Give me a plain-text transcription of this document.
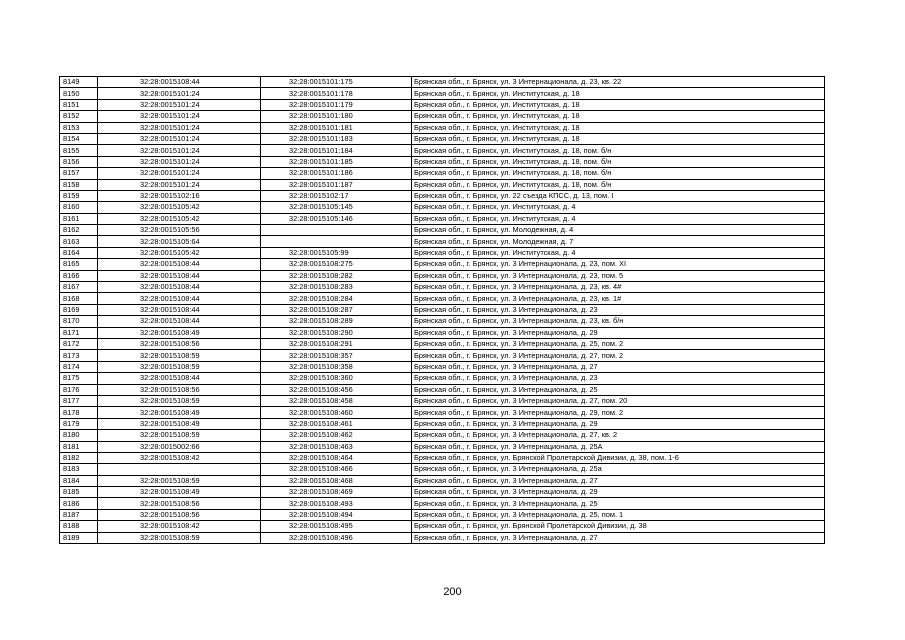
8149	32:28:0015108:44	32:28:0015101:175	Брянская обл., г. Брянск, ул. 3 Интернационала, д. 23, кв. 22
8150	32:28:0015101:24	32:28:0015101:178	Брянская обл., г. Брянск, ул. Институтская, д. 18
8151	32:28:0015101:24	32:28:0015101:179	Брянская обл., г. Брянск, ул. Институтская, д. 18
8152	32:28:0015101:24	32:28:0015101:180	Брянская обл., г. Брянск, ул. Институтская, д. 18
8153	32:28:0015101:24	32:28:0015101:181	Брянская обл., г. Брянск, ул. Институтская, д. 18
8154	32:28:0015101:24	32:28:0015101:183	Брянская обл., г. Брянск, ул. Институтская, д. 18
8155	32:28:0015101:24	32:28:0015101:184	Брянская обл., г. Брянск, ул. Институтская, д. 18, пом. б/н
8156	32:28:0015101:24	32:28:0015101:185	Брянская обл., г. Брянск, ул. Институтская, д. 18, пом. б/н
8157	32:28:0015101:24	32:28:0015101:186	Брянская обл., г. Брянск, ул. Институтская, д. 18, пом. б/н
8158	32:28:0015101:24	32:28:0015101:187	Брянская обл., г. Брянск, ул. Институтская, д. 18, пом. б/н
8159	32:28:0015102:16	32:28:0015102:17	Брянская обл., г. Брянск, ул. 22 съезда КПСС, д. 13, пом. I
8160	32:28:0015105:42	32:28:0015105:145	Брянская обл., г. Брянск, ул. Институтская, д. 4
8161	32:28:0015105:42	32:28:0015105:146	Брянская обл., г. Брянск, ул. Институтская, д. 4
8162	32:28:0015105:56		Брянская обл., г. Брянск, ул. Молодежная, д. 4
8163	32:28:0015105:64		Брянская обл., г. Брянск, ул. Молодежная, д. 7
8164	32:28:0015105:42	32:28:0015105:99	Брянская обл., г. Брянск, ул. Институтская, д. 4
8165	32:28:0015108:44	32:28:0015108:275	Брянская обл., г. Брянск, ул. 3 Интернационала, д. 23, пом. XI
8166	32:28:0015108:44	32:28:0015108:282	Брянская обл., г. Брянск, ул. 3 Интернационала, д. 23, пом. 5
8167	32:28:0015108:44	32:28:0015108:283	Брянская обл., г. Брянск, ул. 3 Интернационала, д. 23, кв. 4#
8168	32:28:0015108:44	32:28:0015108:284	Брянская обл., г. Брянск, ул. 3 Интернационала, д. 23, кв. 1#
8169	32:28:0015108:44	32:28:0015108:287	Брянская обл., г. Брянск, ул. 3 Интернационала, д. 23
8170	32:28:0015108:44	32:28:0015108:289	Брянская обл., г. Брянск, ул. 3 Интернационала, д. 23, кв. б/н
8171	32:28:0015108:49	32:28:0015108:290	Брянская обл., г. Брянск, ул. 3 Интернационала, д. 29
8172	32:28:0015108:56	32:28:0015108:291	Брянская обл., г. Брянск, ул. 3 Интернационала, д. 25, пом. 2
8173	32:28:0015108:59	32:28:0015108:357	Брянская обл., г. Брянск, ул. 3 Интернационала, д. 27, пом. 2
8174	32:28:0015108:59	32:28:0015108:358	Брянская обл., г. Брянск, ул. 3 Интернационала, д. 27
8175	32:28:0015108:44	32:28:0015108:360	Брянская обл., г. Брянск, ул. 3 Интернационала, д. 23
8176	32:28:0015108:56	32:28:0015108:456	Брянская обл., г. Брянск, ул. 3 Интернационала, д. 25
8177	32:28:0015108:59	32:28:0015108:458	Брянская обл., г. Брянск, ул. 3 Интернационала, д. 27, пом. 20
8178	32:28:0015108:49	32:28:0015108:460	Брянская обл., г. Брянск, ул. 3 Интернационала, д. 29, пом. 2
8179	32:28:0015108:49	32:28:0015108:461	Брянская обл., г. Брянск, ул. 3 Интернационала, д. 29
8180	32:28:0015108:59	32:28:0015108:462	Брянская обл., г. Брянск, ул. 3 Интернационала, д. 27, кв. 2
8181	32:28:0015002:66	32:28:0015108:463	Брянская обл., г. Брянск, ул. 3 Интернационала, д. 25А
8182	32:28:0015108:42	32:28:0015108:464	Брянская обл., г. Брянск, ул. Брянской Пролетарской Дивизии, д. 38, пом. 1-6
8183		32:28:0015108:466	Брянская обл., г. Брянск, ул. 3 Интернационала, д. 25а
8184	32:28:0015108:59	32:28:0015108:468	Брянская обл., г. Брянск, ул. 3 Интернационала, д. 27
8185	32:28:0015108:49	32:28:0015108:469	Брянская обл., г. Брянск, ул. 3 Интернационала, д. 29
8186	32:28:0015108:56	32:28:0015108:493	Брянская обл., г. Брянск, ул. 3 Интернационала, д. 25
8187	32:28:0015108:56	32:28:0015108:494	Брянская обл., г. Брянск, ул. 3 Интернационала, д. 25, пом. 1
8188	32:28:0015108:42	32:28:0015108:495	Брянская обл., г. Брянск, ул. Брянской Пролетарской Дивизии, д. 38
8189	32:28:0015108:59	32:28:0015108:496	Брянская обл., г. Брянск, ул. 3 Интернационала, д. 27
200
